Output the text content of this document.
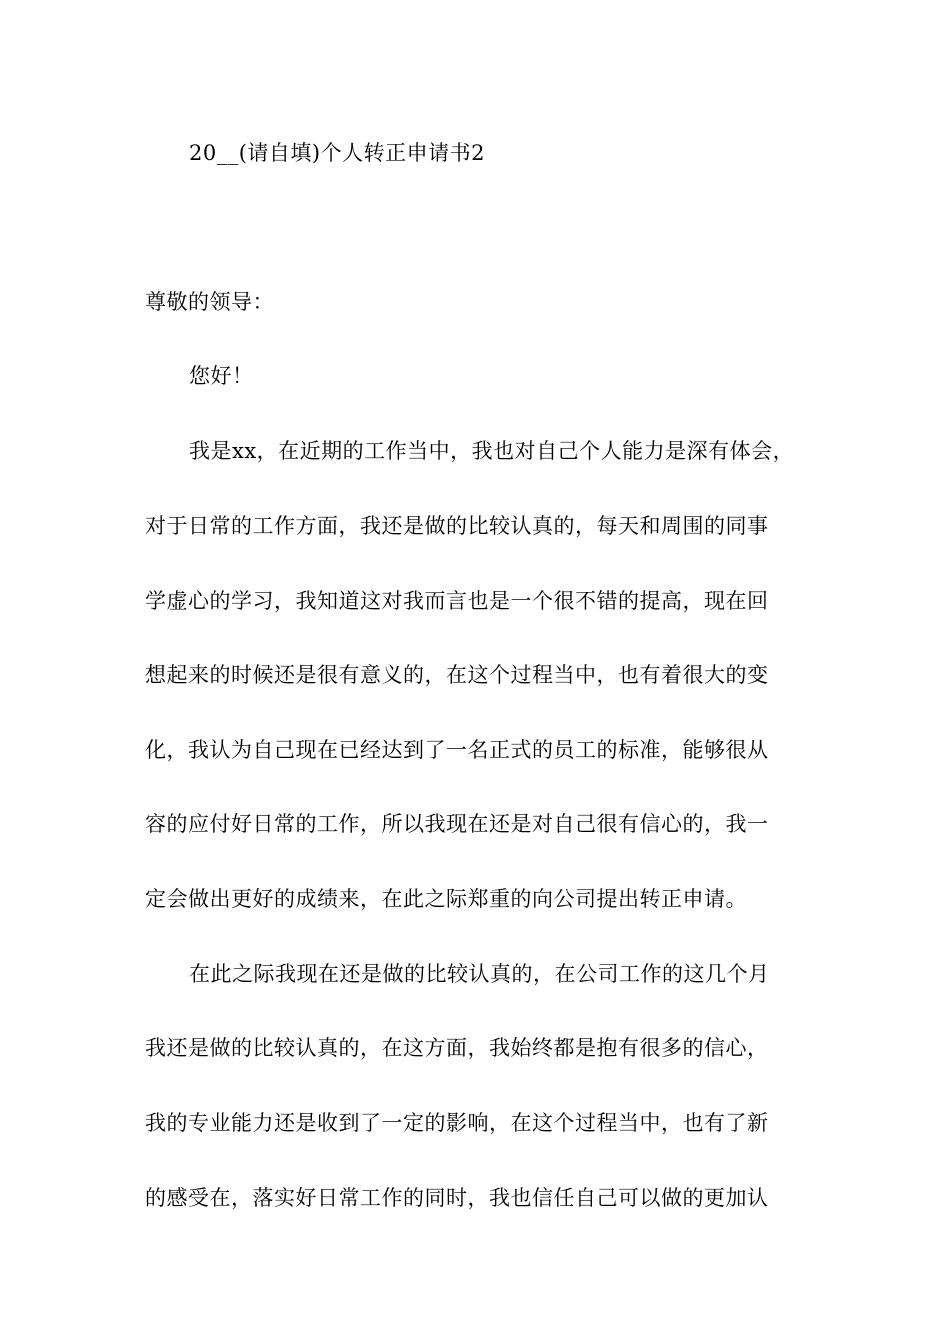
20__(请自填)个人转正申请书2
尊敬的领导：
您好！
我是xx，在近期的工作当中，我也对自己个人能力是深有体会，
对于日常的工作方面，我还是做的比较认真的，每天和周围的同事
学虚心的学习，我知道这对我而言也是一个很不错的提高，现在回
想起来的时候还是很有意义的，在这个过程当中，也有着很大的变
化，我认为自己现在已经达到了一名正式的员工的标准，能够很从
容的应付好日常的工作，所以我现在还是对自己很有信心的，我一
定会做出更好的成绩来，在此之际郑重的向公司提出转正申请。
在此之际我现在还是做的比较认真的，在公司工作的这几个月
我还是做的比较认真的，在这方面，我始终都是抱有很多的信心，
我的专业能力还是收到了一定的影响，在这个过程当中，也有了新
的感受在，落实好日常工作的同时，我也信任自己可以做的更加认
